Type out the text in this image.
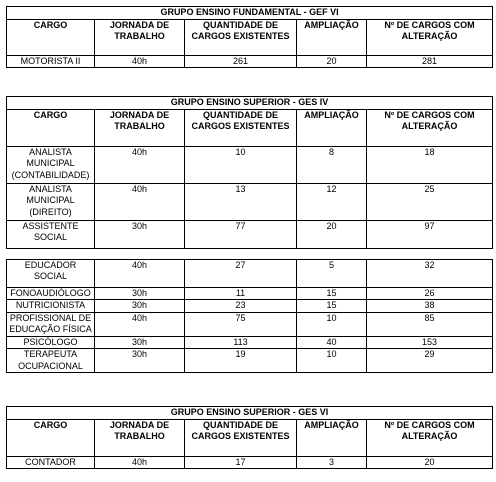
GRUPO ENSINO FUNDAMENTAL - GEF VI				
CARGO	JORNADA DE TRABALHO	QUANTIDADE DE CARGOS EXISTENTES	AMPLIAÇÃO	Nº DE CARGOS COM ALTERAÇÃO
MOTORISTA II	40h	261	20	281
GRUPO ENSINO SUPERIOR - GES IV				
CARGO	JORNADA DE TRABALHO	QUANTIDADE DE CARGOS EXISTENTES	AMPLIAÇÃO	Nº DE CARGOS COM ALTERAÇÃO
ANALISTA MUNICIPAL (CONTABILIDADE)	40h	10	8	18
ANALISTA MUNICIPAL (DIREITO)	40h	13	12	25
ASSISTENTE SOCIAL	30h	77	20	97

EDUCADOR SOCIAL	40h	27	5	32
FONOAUDIÓLOGO	30h	11	15	26
NUTRICIONISTA	30h	23	15	38
PROFISSIONAL DE EDUCAÇÃO FÍSICA	40h	75	10	85
PSICÓLOGO	30h	113	40	153
TERAPEUTA OCUPACIONAL	30h	19	10	29
GRUPO ENSINO SUPERIOR - GES VI				
CARGO	JORNADA DE TRABALHO	QUANTIDADE DE CARGOS EXISTENTES	AMPLIAÇÃO	Nº DE CARGOS COM ALTERAÇÃO
CONTADOR	40h	17	3	20
